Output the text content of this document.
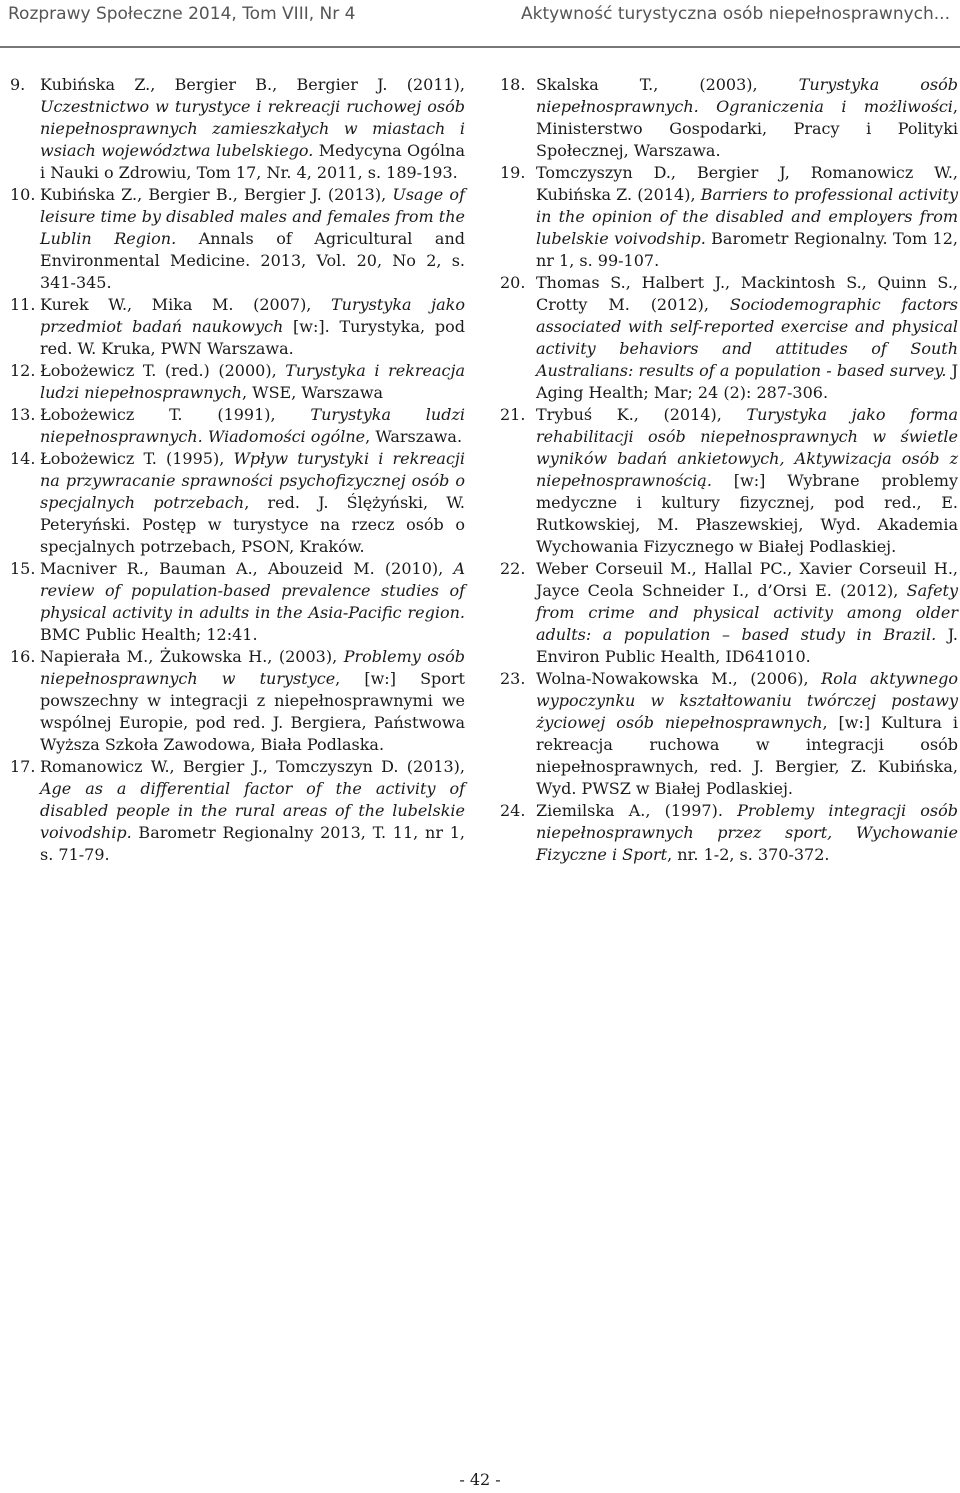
Rozprawy Społeczne 2014, Tom VIII, Nr 4	Aktywność turystyczna osób niepełnosprawnych...
9. Kubińska Z., Bergier B., Bergier J. (2011), Uczestnictwo w turystyce i rekreacji ruchowej osób niepełnosprawnych zamieszkałych w miastach i wsiach województwa lubelskiego. Medycyna Ogólna i Nauki o Zdrowiu, Tom 17, Nr. 4, 2011, s. 189-193.
10. Kubińska Z., Bergier B., Bergier J. (2013), Usage of leisure time by disabled males and females from the Lublin Region. Annals of Agricultural and Environmental Medicine. 2013, Vol. 20, No 2, s. 341-345.
11. Kurek W., Mika M. (2007), Turystyka jako przedmiot badań naukowych [w:]. Turystyka, pod red. W. Kruka, PWN Warszawa.
12. Łobożewicz T. (red.) (2000), Turystyka i rekreacja ludzi niepełnosprawnych, WSE, Warszawa
13. Łobożewicz T. (1991), Turystyka ludzi niepełnosprawnych. Wiadomości ogólne, Warszawa.
14. Łobożewicz T. (1995), Wpływ turystyki i rekreacji na przywracanie sprawności psychofizycznej osób o specjalnych potrzebach, red. J. Ślężyński, W. Peteryński. Postęp w turystyce na rzecz osób o specjalnych potrzebach, PSON, Kraków.
15. Macniver R., Bauman A., Abouzeid M. (2010), A review of population-based prevalence studies of physical activity in adults in the Asia-Pacific region. BMC Public Health; 12:41.
16. Napierała M., Żukowska H., (2003), Problemy osób niepełnosprawnych w turystyce, [w:] Sport powszechny w integracji z niepełnosprawnymi we wspólnej Europie, pod red. J. Bergiera, Państwowa Wyższa Szkoła Zawodowa, Biała Podlaska.
17. Romanowicz W., Bergier J., Tomczyszyn D. (2013), Age as a differential factor of the activity of disabled people in the rural areas of the lubelskie voivodship. Barometr Regionalny 2013, T. 11, nr 1, s. 71-79.
18. Skalska T., (2003), Turystyka osób niepełnosprawnych. Ograniczenia i możliwości, Ministerstwo Gospodarki, Pracy i Polityki Społecznej, Warszawa.
19. Tomczyszyn D., Bergier J, Romanowicz W., Kubińska Z. (2014), Barriers to professional activity in the opinion of the disabled and employers from lubelskie voivodship. Barometr Regionalny. Tom 12, nr 1, s. 99-107.
20. Thomas S., Halbert J., Mackintosh S., Quinn S., Crotty M. (2012), Sociodemographic factors associated with self-reported exercise and physical activity behaviors and attitudes of South Australians: results of a population - based survey. J Aging Health; Mar; 24 (2): 287-306.
21. Trybuś K., (2014), Turystyka jako forma rehabilitacji osób niepełnosprawnych w świetle wyników badań ankietowych, Aktywizacja osób z niepełnosprawnością. [w:] Wybrane problemy medyczne i kultury fizycznej, pod red., E. Rutkowskiej, M. Płaszewskiej, Wyd. Akademia Wychowania Fizycznego w Białej Podlaskiej.
22. Weber Corseuil M., Hallal PC., Xavier Corseuil H., Jayce Ceola Schneider I., d’Orsi E. (2012), Safety from crime and physical activity among older adults: a population – based study in Brazil. J. Environ Public Health, ID641010.
23. Wolna-Nowakowska M., (2006), Rola aktywnego wypoczynku w kształtowaniu twórczej postawy życiowej osób niepełnosprawnych, [w:] Kultura i rekreacja ruchowa w integracji osób niepełnosprawnych, red. J. Bergier, Z. Kubińska, Wyd. PWSZ w Białej Podlaskiej.
24. Ziemilska A., (1997). Problemy integracji osób niepełnosprawnych przez sport, Wychowanie Fizyczne i Sport, nr. 1-2, s. 370-372.
- 42 -
